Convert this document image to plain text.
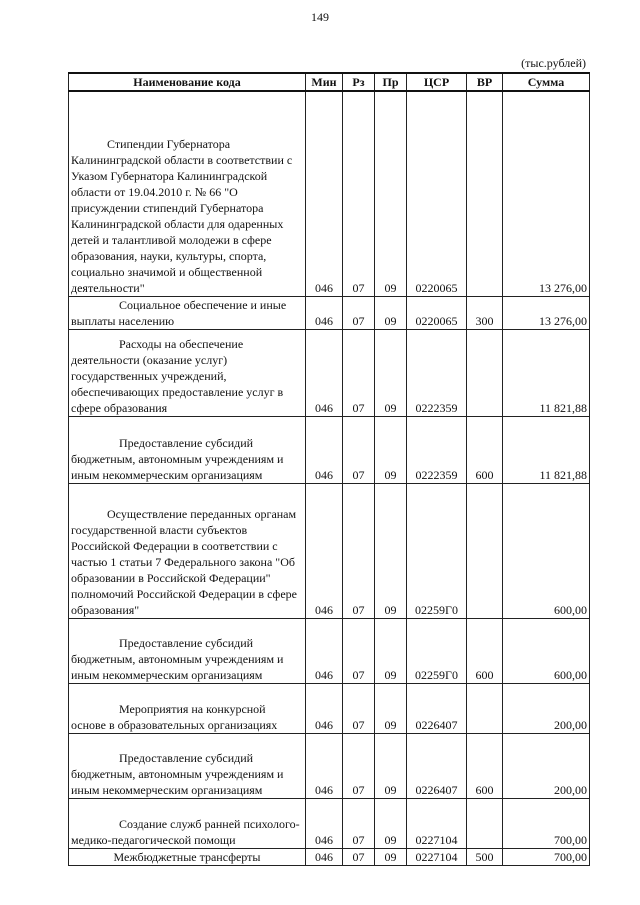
149
(тыс.рублей)
Наименование кода	Мин	Рз	Пр	ЦСР	ВР	Сумма

Стипендии Губернатора Калининградской области в соответствии с Указом Губернатора Калининградской области от 19.04.2010 г. № 66 "О присуждении стипендий Губернатора Калининградской области для одаренных детей и талантливой молодежи в сфере образования, науки, культуры, спорта, социально значимой и общественной деятельности"	046	07	09	0220065		13 276,00

Социальное обеспечение и иные выплаты населению	046	07	09	0220065	300	13 276,00

Расходы на обеспечение деятельности (оказание услуг) государственных учреждений, обеспечивающих предоставление услуг в сфере образования	046	07	09	0222359		11 821,88

Предоставление субсидий бюджетным, автономным учреждениям и иным некоммерческим организациям	046	07	09	0222359	600	11 821,88

Осуществление переданных органам государственной власти субъектов Российской Федерации в соответствии с частью 1 статьи 7 Федерального закона "Об образовании в Российской Федерации" полномочий Российской Федерации в сфере образования"	046	07	09	02259Г0		600,00

Предоставление субсидий бюджетным, автономным учреждениям и иным некоммерческим организациям	046	07	09	02259Г0	600	600,00

Мероприятия на конкурсной основе в образовательных организациях	046	07	09	0226407		200,00

Предоставление субсидий бюджетным, автономным учреждениям и иным некоммерческим организациям	046	07	09	0226407	600	200,00

Создание служб ранней психолого-медико-педагогической помощи	046	07	09	0227104		700,00

Межбюджетные трансферты	046	07	09	0227104	500	700,00
